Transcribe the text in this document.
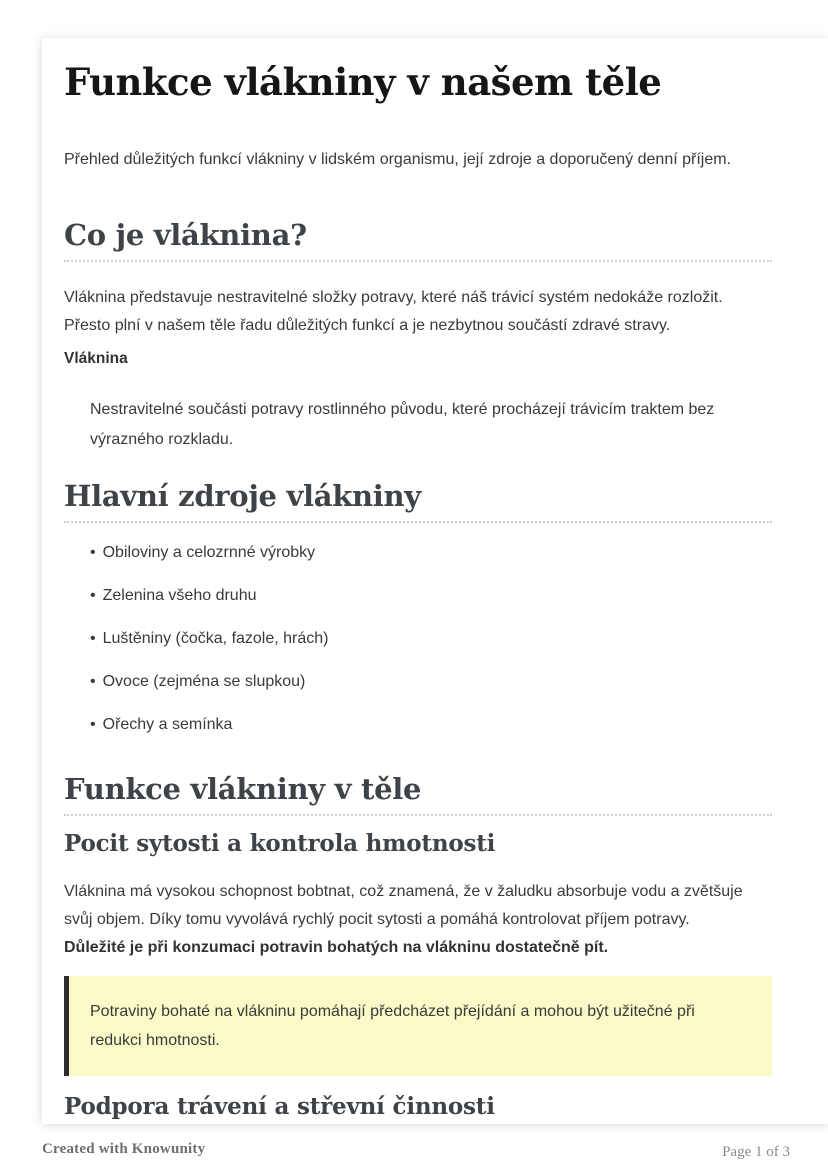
Funkce vlákniny v našem těle

Přehled důležitých funkcí vlákniny v lidském organismu, její zdroje a doporučený denní příjem.

Co je vláknina?

Vláknina představuje nestravitelné složky potravy, které náš trávicí systém nedokáže rozložit. Přesto plní v našem těle řadu důležitých funkcí a je nezbytnou součástí zdravé stravy.

Vláknina
Nestravitelné součásti potravy rostlinného původu, které procházejí trávicím traktem bez výrazného rozkladu.
Hlavní zdroje vlákniny
• Obiloviny a celozrnné výrobky
• Zelenina všeho druhu
• Luštěniny (čočka, fazole, hrách)
• Ovoce (zejména se slupkou)
• Ořechy a semínka
Funkce vlákniny v těle
Pocit sytosti a kontrola hmotnosti

Vláknina má vysokou schopnost bobtnat, což znamená, že v žaludku absorbuje vodu a zvětšuje svůj objem. Díky tomu vyvolává rychlý pocit sytosti a pomáhá kontrolovat příjem potravy.
Důležité je při konzumaci potravin bohatých na vlákninu dostatečně pít.

Potraviny bohaté na vlákninu pomáhají předcházet přejídání a mohou být užitečné při redukci hmotnosti.
Podpora trávení a střevní činnosti
Created with Knowunity	Page 1 of 3
